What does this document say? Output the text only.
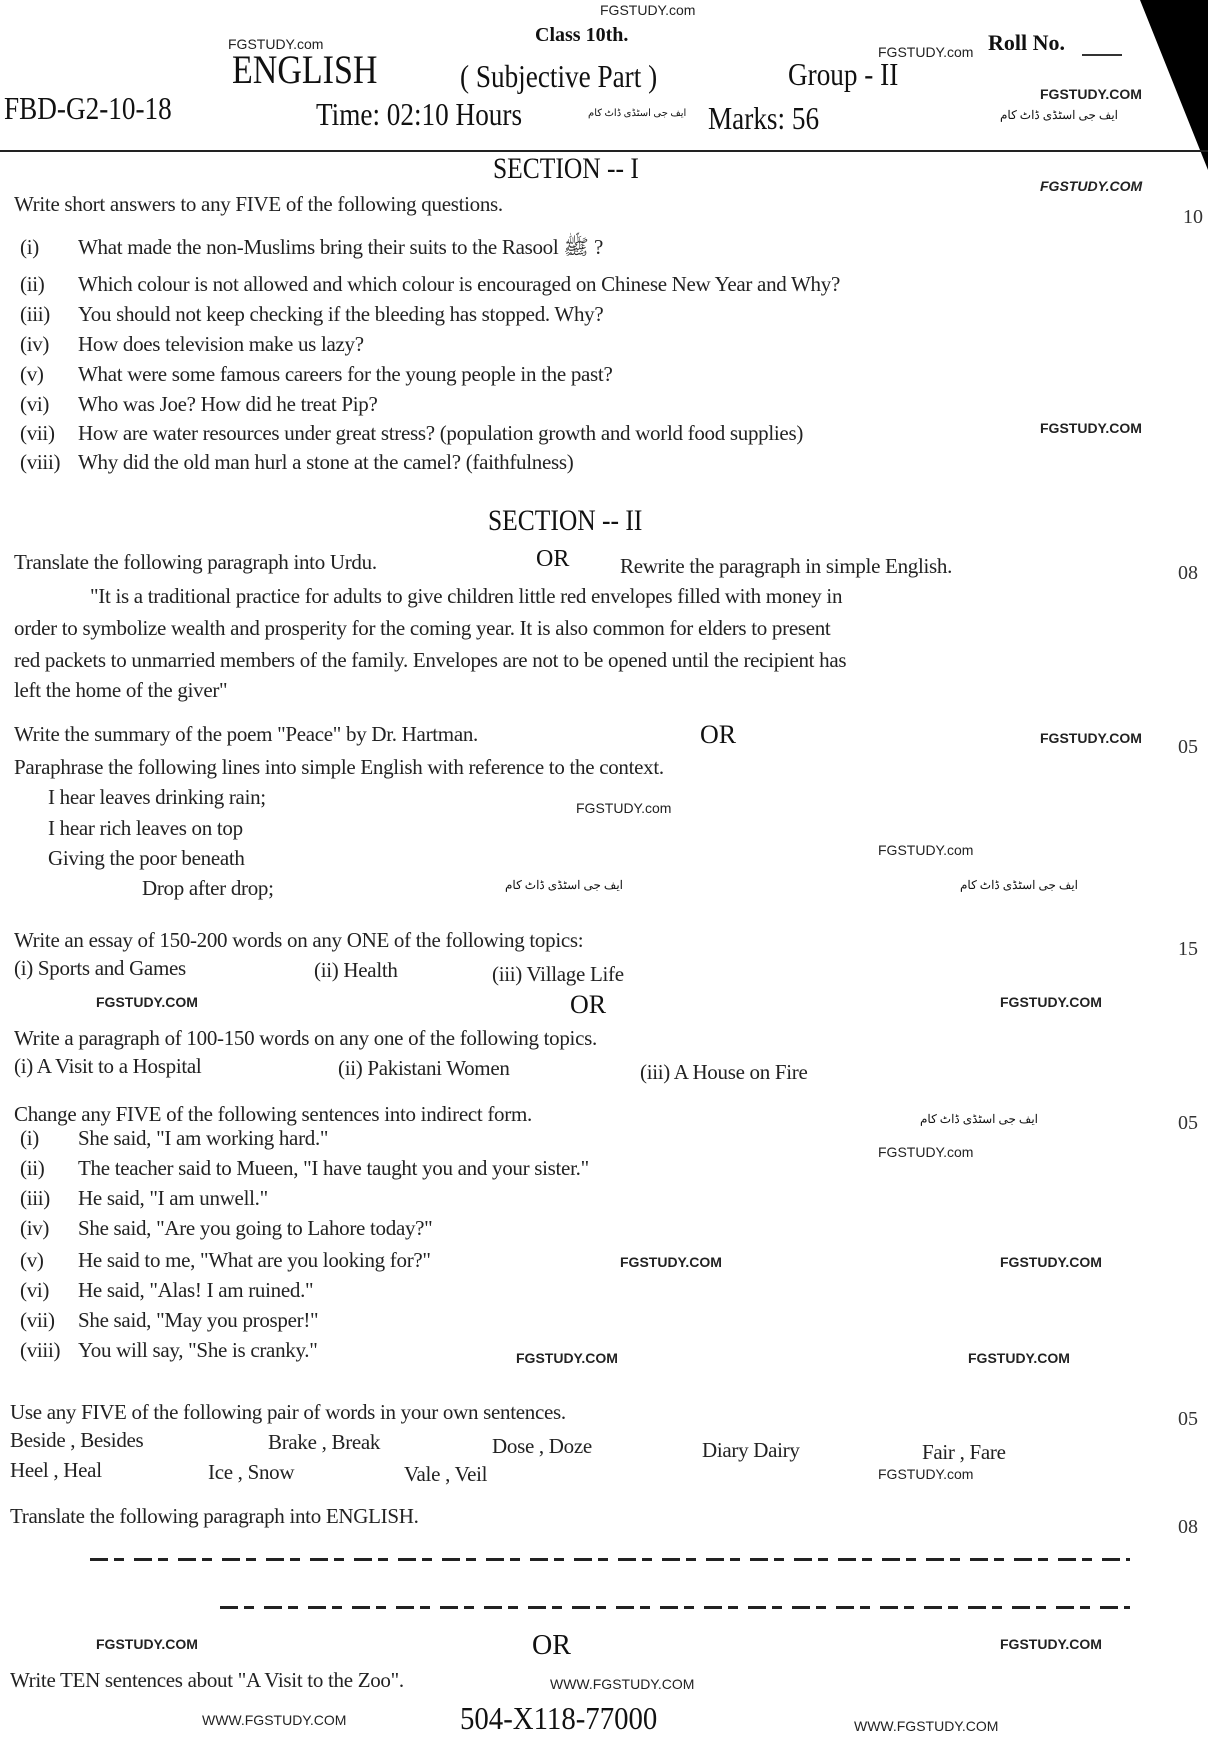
FGSTUDY.com
Class 10th.
FGSTUDY.com	FGSTUDY.com Roll No.
ENGLISH	( Subjective Part )	Group - II
FGSTUDY.COM
FBD-G2-10-18	Time: 02:10 Hours	ایف جی اسٹڈی ڈاٹ کام Marks: 56	ایف جی اسٹڈی ڈاٹ کام
SECTION -- I
FGSTUDY.COM
Write short answers to any FIVE of the following questions.
10
(i) What made the non-Muslims bring their suits to the Rasool ﷺ ?
(ii) Which colour is not allowed and which colour is encouraged on Chinese New Year and Why?
(iii) You should not keep checking if the bleeding has stopped. Why?
(iv) How does television make us lazy?
(v) What were some famous careers for the young people in the past?
(vi) Who was Joe? How did he treat Pip?
(vii) How are water resources under great stress? (population growth and world food supplies)
(viii) Why did the old man hurl a stone at the camel? (faithfulness)
FGSTUDY.COM
SECTION -- II
Translate the following paragraph into Urdu.	OR Rewrite the paragraph in simple English.	08
"It is a traditional practice for adults to give children little red envelopes filled with money in
order to symbolize wealth and prosperity for the coming year. It is also common for elders to present
red packets to unmarried members of the family. Envelopes are not to be opened until the recipient has
left the home of the giver"
Write the summary of the poem "Peace" by Dr. Hartman.	OR	FGSTUDY.COM 05
Paraphrase the following lines into simple English with reference to the context.
I hear leaves drinking rain;	FGSTUDY.com
I hear rich leaves on top
Giving the poor beneath	FGSTUDY.com
Drop after drop;	ایف جی اسٹڈی ڈاٹ کام	ایف جی اسٹڈی ڈاٹ کام
Write an essay of 150-200 words on any ONE of the following topics:	15
(i) Sports and Games	(ii) Health	(iii) Village Life
FGSTUDY.COM	OR	FGSTUDY.COM
Write a paragraph of 100-150 words on any one of the following topics.
(i) A Visit to a Hospital	(ii) Pakistani Women	(iii) A House on Fire
Change any FIVE of the following sentences into indirect form.	ایف جی اسٹڈی ڈاٹ کام	05
FGSTUDY.com
(i) She said, "I am working hard."
(ii) The teacher said to Mueen, "I have taught you and your sister."
(iii) He said, "I am unwell."
(iv) She said, "Are you going to Lahore today?"
(v) He said to me, "What are you looking for?"
(vi) He said, "Alas! I am ruined."
(vii) She said, "May you prosper!"
(viii) You will say, "She is cranky."
FGSTUDY.COM	FGSTUDY.COM
FGSTUDY.COM	FGSTUDY.COM
Use any FIVE of the following pair of words in your own sentences.	05
Beside , Besides	Brake , Break	Dose , Doze	Diary Dairy	Fair , Fare
Heel , Heal	Ice , Snow	Vale , Veil	FGSTUDY.com
Translate the following paragraph into ENGLISH.	08
FGSTUDY.COM	OR	FGSTUDY.COM
Write TEN sentences about "A Visit to the Zoo".	WWW.FGSTUDY.COM
WWW.FGSTUDY.COM	504-X118-77000	WWW.FGSTUDY.COM
